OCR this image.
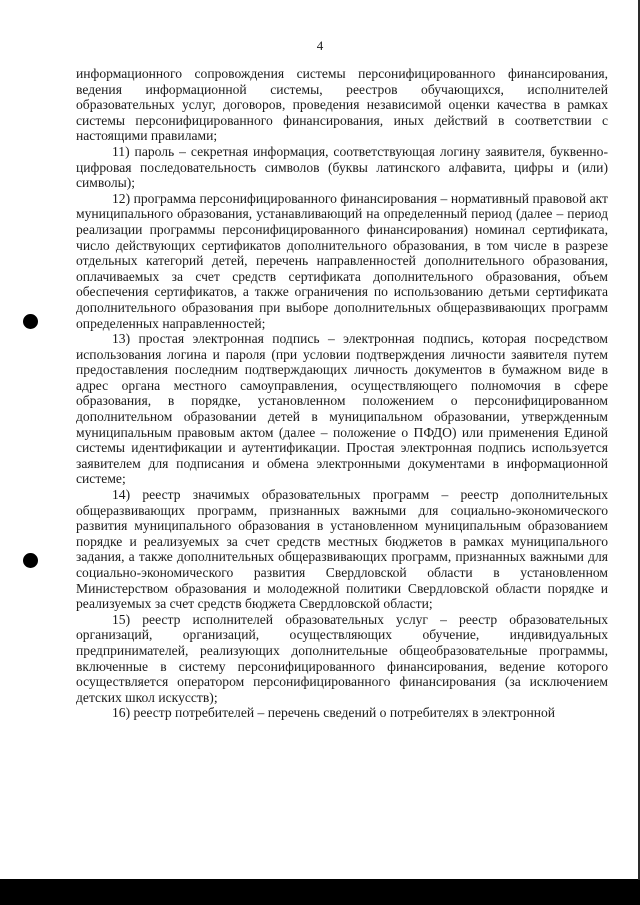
4

информационного сопровождения системы персонифицированного финансирования, ведения информационной системы, реестров обучающихся, исполнителей образовательных услуг, договоров, проведения независимой оценки качества в рамках системы персонифицированного финансирования, иных действий в соответствии с настоящими правилами;

11) пароль – секретная информация, соответствующая логину заявителя, буквенно-цифровая последовательность символов (буквы латинского алфавита, цифры и (или) символы);

12) программа персонифицированного финансирования – нормативный правовой акт муниципального образования, устанавливающий на определенный период (далее – период реализации программы персонифицированного финансирования) номинал сертификата, число действующих сертификатов дополнительного образования, в том числе в разрезе отдельных категорий детей, перечень направленностей дополнительного образования, оплачиваемых за счет средств сертификата дополнительного образования, объем обеспечения сертификатов, а также ограничения по использованию детьми сертификата дополнительного образования при выборе дополнительных общеразвивающих программ определенных направленностей;

13) простая электронная подпись – электронная подпись, которая посредством использования логина и пароля (при условии подтверждения личности заявителя путем предоставления последним подтверждающих личность документов в бумажном виде в адрес органа местного самоуправления, осуществляющего полномочия в сфере образования, в порядке, установленном положением о персонифицированном дополнительном образовании детей в муниципальном образовании, утвержденным муниципальным правовым актом (далее – положение о ПФДО) или применения Единой системы идентификации и аутентификации. Простая электронная подпись используется заявителем для подписания и обмена электронными документами в информационной системе;

14) реестр значимых образовательных программ – реестр дополнительных общеразвивающих программ, признанных важными для социально-экономического развития муниципального образования в установленном муниципальным образованием порядке и реализуемых за счет средств местных бюджетов в рамках муниципального задания, а также дополнительных общеразвивающих программ, признанных важными для социально-экономического развития Свердловской области в установленном Министерством образования и молодежной политики Свердловской области порядке и реализуемых за счет средств бюджета Свердловской области;

15) реестр исполнителей образовательных услуг – реестр образовательных организаций, организаций, осуществляющих обучение, индивидуальных предпринимателей, реализующих дополнительные общеобразовательные программы, включенные в систему персонифицированного финансирования, ведение которого осуществляется оператором персонифицированного финансирования (за исключением детских школ искусств);

16) реестр потребителей – перечень сведений о потребителях в электронной
